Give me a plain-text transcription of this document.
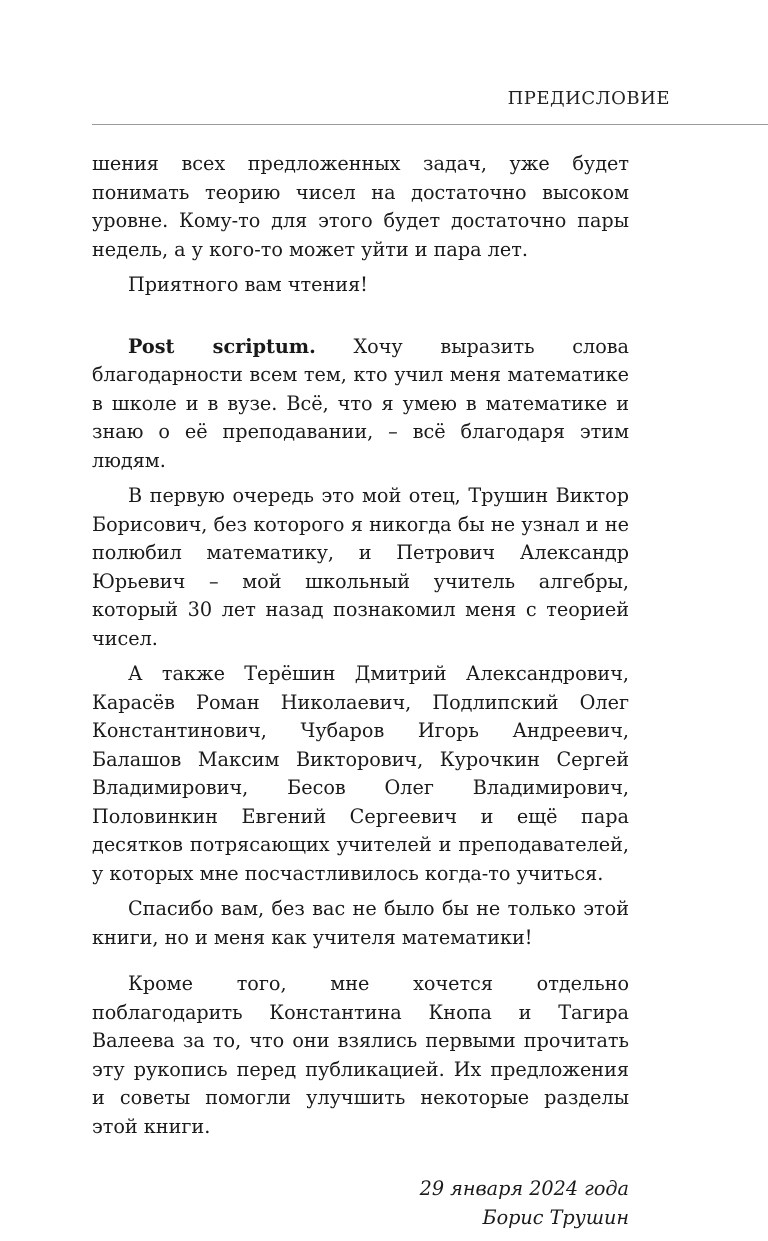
ПРЕДИСЛОВИЕ

шения всех предложенных задач, уже будет понимать теорию чисел на достаточно высоком уровне. Кому-то для этого будет достаточно пары недель, а у кого-то может уйти и пара лет.

Приятного вам чтения!

Post scriptum. Хочу выразить слова благодарности всем тем, кто учил меня математике в школе и в вузе. Всё, что я умею в математике и знаю о её преподавании, – всё благодаря этим людям.

В первую очередь это мой отец, Трушин Виктор Борисович, без которого я никогда бы не узнал и не полюбил математику, и Петрович Александр Юрьевич – мой школьный учитель алгебры, который 30 лет назад познакомил меня с теорией чисел.

А также Терёшин Дмитрий Александрович, Карасёв Роман Николаевич, Подлипский Олег Константинович, Чубаров Игорь Андреевич, Балашов Максим Викторович, Курочкин Сергей Владимирович, Бесов Олег Владимирович, Половинкин Евгений Сергеевич и ещё пара десятков потрясающих учителей и преподавателей, у которых мне посчастливилось когда-то учиться.

Спасибо вам, без вас не было бы не только этой книги, но и меня как учителя математики!

Кроме того, мне хочется отдельно поблагодарить Константина Кнопа и Тагира Валеева за то, что они взялись первыми прочитать эту рукопись перед публикацией. Их предложения и советы помогли улучшить некоторые разделы этой книги.

29 января 2024 года
Борис Трушин
